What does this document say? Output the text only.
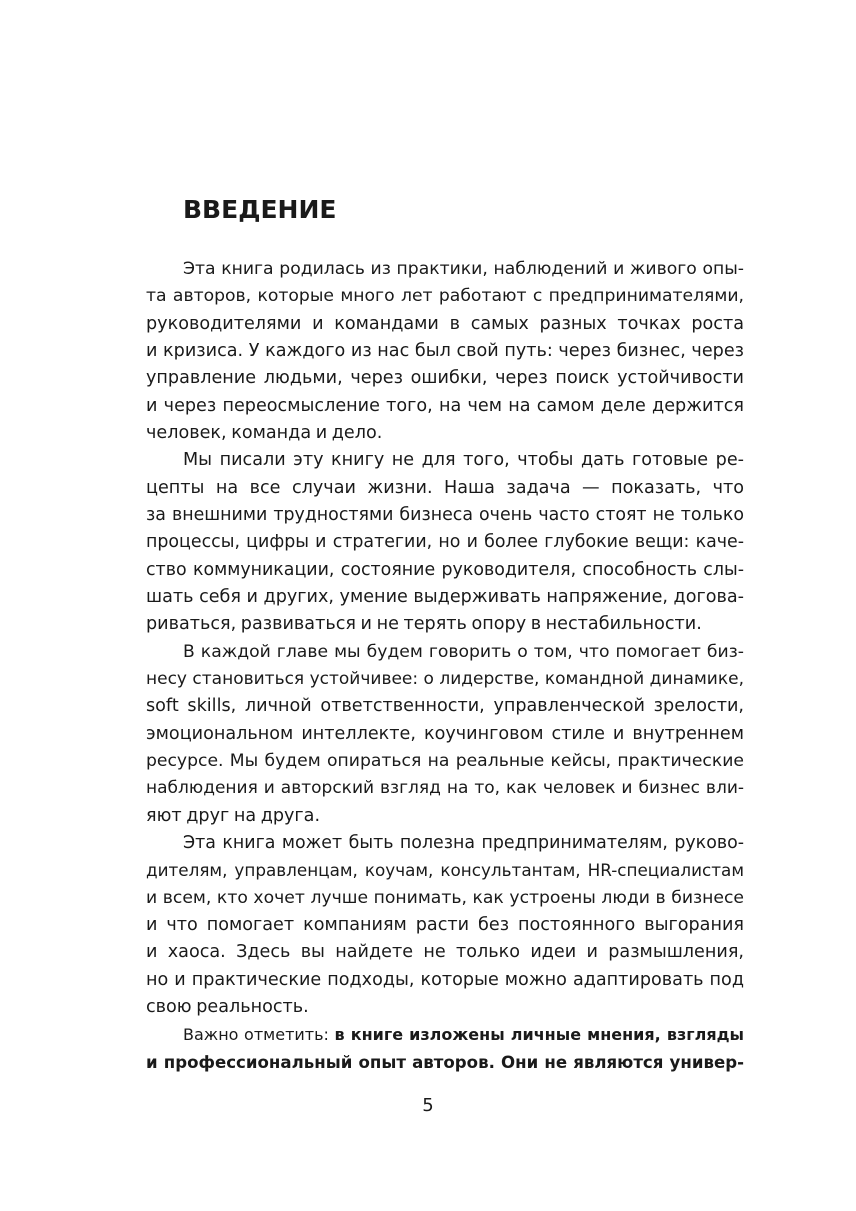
ВВЕДЕНИЕ
Эта книга родилась из практики, наблюдений и живого опы-
та авторов, которые много лет работают с предпринимателями,
руководителями и командами в самых разных точках роста
и кризиса. У каждого из нас был свой путь: через бизнес, через
управление людьми, через ошибки, через поиск устойчивости
и через переосмысление того, на чем на самом деле держится
человек, команда и дело.
Мы писали эту книгу не для того, чтобы дать готовые ре-
цепты на все случаи жизни. Наша задача — показать, что
за внешними трудностями бизнеса очень часто стоят не только
процессы, цифры и стратегии, но и более глубокие вещи: каче-
ство коммуникации, состояние руководителя, способность слы-
шать себя и других, умение выдерживать напряжение, догова-
риваться, развиваться и не терять опору в нестабильности.
В каждой главе мы будем говорить о том, что помогает биз-
несу становиться устойчивее: о лидерстве, командной динамике,
soft skills, личной ответственности, управленческой зрелости,
эмоциональном интеллекте, коучинговом стиле и внутреннем
ресурсе. Мы будем опираться на реальные кейсы, практические
наблюдения и авторский взгляд на то, как человек и бизнес вли-
яют друг на друга.
Эта книга может быть полезна предпринимателям, руково-
дителям, управленцам, коучам, консультантам, HR-специалистам
и всем, кто хочет лучше понимать, как устроены люди в бизнесе
и что помогает компаниям расти без постоянного выгорания
и хаоса. Здесь вы найдете не только идеи и размышления,
но и практические подходы, которые можно адаптировать под
свою реальность.
Важно отметить: в книге изложены личные мнения, взгляды
и профессиональный опыт авторов. Они не являются универ-
5
